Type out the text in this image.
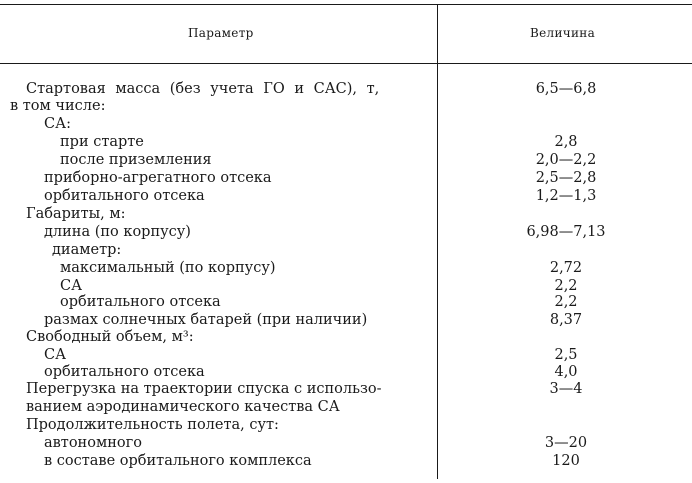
Параметр	Величина
Стартовая масса (без учета ГО и САС), т,	6,5—6,8
в том числе:
СА:
при старте	2,8
после приземления	2,0—2,2
приборно-агрегатного отсека	2,5—2,8
орбитального отсека	1,2—1,3
Габариты, м:
длина (по корпусу)	6,98—7,13
диаметр:
максимальный (по корпусу)	2,72
СА	2,2
орбитального отсека	2,2
размах солнечных батарей (при наличии)	8,37
Свободный объем, м³:
СА	2,5
орбитального отсека	4,0
Перегрузка на траектории спуска с использо-	3—4
ванием аэродинамического качества СА
Продолжительность полета, сут:
автономного	3—20
в составе орбитального комплекса	120
